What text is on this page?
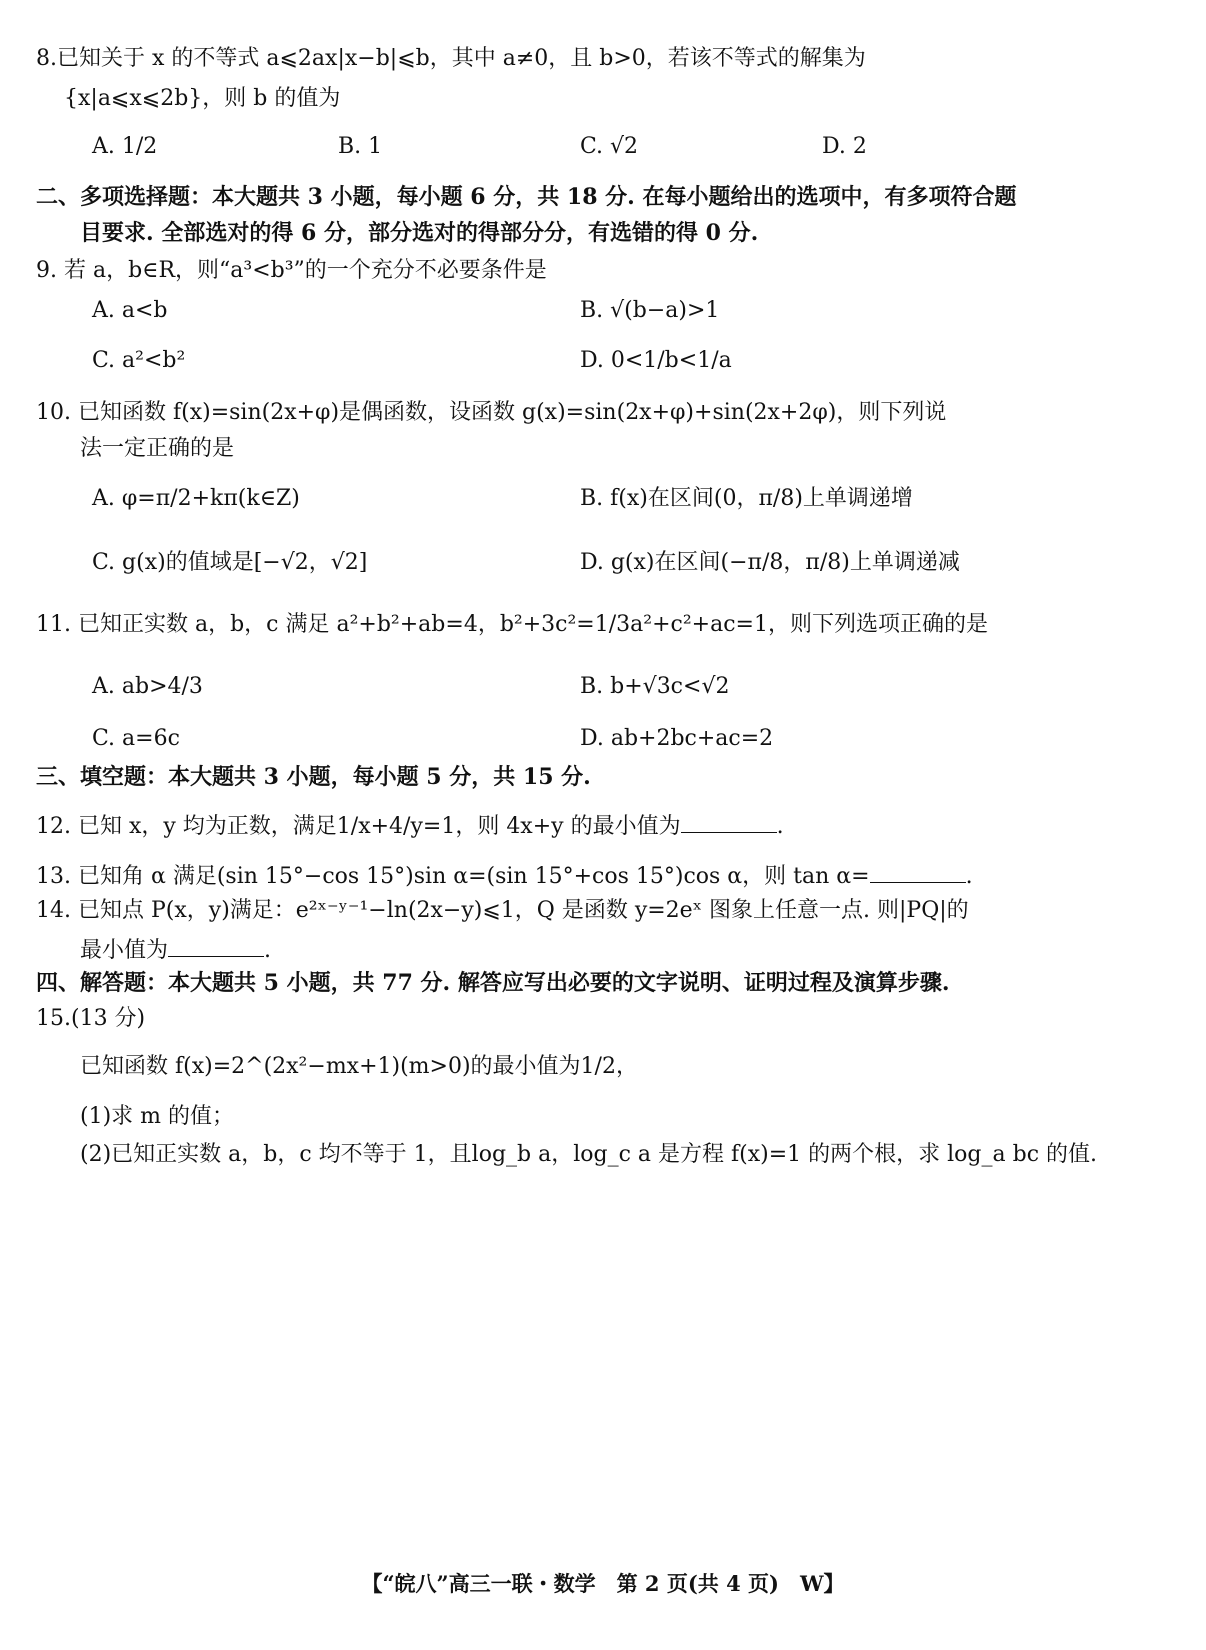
8.已知关于 x 的不等式 a⩽2ax|x−b|⩽b，其中 a≠0，且 b>0，若该不等式的解集为
{x|a⩽x⩽2b}，则 b 的值为
A. 1/2	B. 1	C. √2	D. 2
二、多项选择题：本大题共 3 小题，每小题 6 分，共 18 分. 在每小题给出的选项中，有多项符合题
目要求. 全部选对的得 6 分，部分选对的得部分分，有选错的得 0 分.
9. 若 a，b∈R，则“a³<b³”的一个充分不必要条件是
A. a<b	B. √(b−a)>1
C. a²<b²	D. 0<1/b<1/a
10. 已知函数 f(x)=sin(2x+φ)是偶函数，设函数 g(x)=sin(2x+φ)+sin(2x+2φ)，则下列说
法一定正确的是
A. φ=π/2+kπ(k∈Z)	B. f(x)在区间(0，π/8)上单调递增
C. g(x)的值域是[−√2，√2]	D. g(x)在区间(−π/8，π/8)上单调递减
11. 已知正实数 a，b，c 满足 a²+b²+ab=4，b²+3c²=1/3a²+c²+ac=1，则下列选项正确的是
A. ab>4/3	B. b+√3c<√2
C. a=6c	D. ab+2bc+ac=2
三、填空题：本大题共 3 小题，每小题 5 分，共 15 分.
12. 已知 x，y 均为正数，满足1/x+4/y=1，则 4x+y 的最小值为	.
13. 已知角 α 满足(sin 15°−cos 15°)sin α=(sin 15°+cos 15°)cos α，则 tan α=	.
14. 已知点 P(x，y)满足：e²ˣ⁻ʸ⁻¹−ln(2x−y)⩽1，Q 是函数 y=2eˣ 图象上任意一点. 则|PQ|的
最小值为	.
四、解答题：本大题共 5 小题，共 77 分. 解答应写出必要的文字说明、证明过程及演算步骤.
15.(13 分)
已知函数 f(x)=2^(2x²−mx+1)(m>0)的最小值为1/2，
(1)求 m 的值；
(2)已知正实数 a，b，c 均不等于 1，且log_b a，log_c a 是方程 f(x)=1 的两个根，求 log_a bc 的值.
【“皖八”高三一联・数学　第 2 页(共 4 页)　W】
